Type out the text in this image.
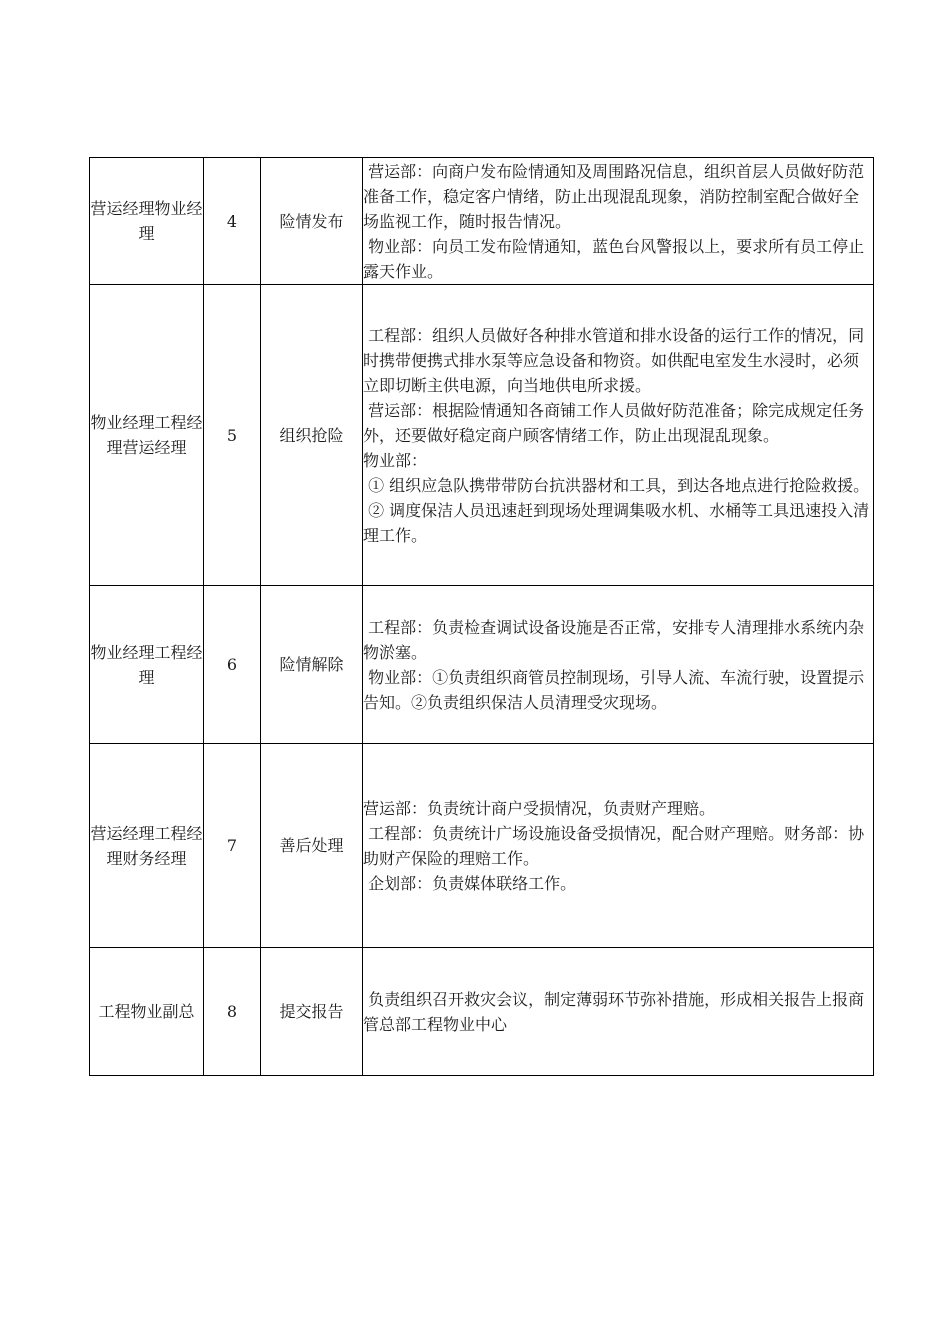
营运经理物业经理	4	险情发布	营运部：向商户发布险情通知及周围路况信息，组织首层人员做好防范准备工作，稳定客户情绪，防止出现混乱现象，消防控制室配合做好全场监视工作，随时报告情况。
物业部：向员工发布险情通知，蓝色台风警报以上，要求所有员工停止露天作业。

物业经理工程经理营运经理	5	组织抢险	工程部：组织人员做好各种排水管道和排水设备的运行工作的情况，同时携带便携式排水泵等应急设备和物资。如供配电室发生水浸时，必须立即切断主供电源，向当地供电所求援。
营运部：根据险情通知各商铺工作人员做好防范准备；除完成规定任务外，还要做好稳定商户顾客情绪工作，防止出现混乱现象。
物业部：
① 组织应急队携带带防台抗洪器材和工具，到达各地点进行抢险救援。
② 调度保洁人员迅速赶到现场处理调集吸水机、水桶等工具迅速投入清理工作。

物业经理工程经理	6	险情解除	工程部：负责检查调试设备设施是否正常，安排专人清理排水系统内杂物淤塞。
物业部：①负责组织商管员控制现场，引导人流、车流行驶，设置提示告知。②负责组织保洁人员清理受灾现场。

营运经理工程经理财务经理	7	善后处理	营运部：负责统计商户受损情况，负责财产理赔。
工程部：负责统计广场设施设备受损情况，配合财产理赔。财务部：协助财产保险的理赔工作。
企划部：负责媒体联络工作。

工程物业副总	8	提交报告	负责组织召开救灾会议，制定薄弱环节弥补措施，形成相关报告上报商管总部工程物业中心
